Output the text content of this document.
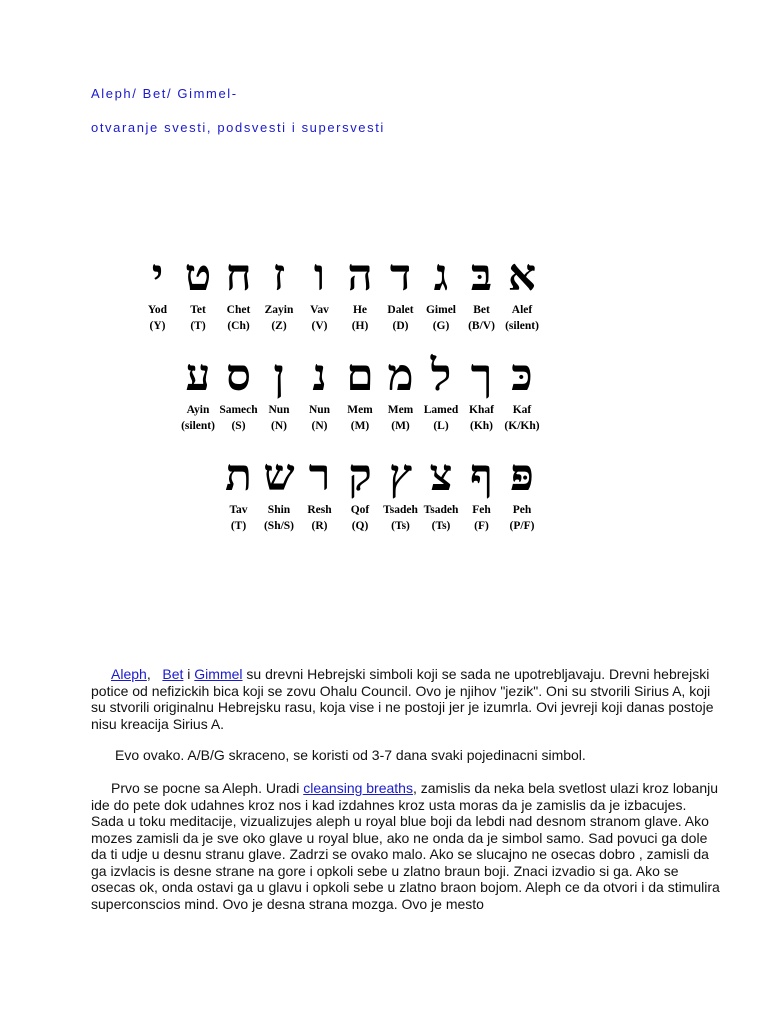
Aleph/ Bet/ Gimmel-
otvaranje svesti, podsvesti i supersvesti
א
Alef
(silent)
בּ
Bet
(B/V)
ג
Gimel
(G)
ד
Dalet
(D)
ה
He
(H)
ו
Vav
(V)
ז
Zayin
(Z)
ח
Chet
(Ch)
ט
Tet
(T)
י
Yod
(Y)
כּ
Kaf
(K/Kh)
ך
Khaf
(Kh)
ל
Lamed
(L)
מ
Mem
(M)
ם
Mem
(M)
נ
Nun
(N)
ן
Nun
(N)
ס
Samech
(S)
ע
Ayin
(silent)
פּ
Peh
(P/F)
ף
Feh
(F)
צ
Tsadeh
(Ts)
ץ
Tsadeh
(Ts)
ק
Qof
(Q)
ר
Resh
(R)
ש
Shin
(Sh/S)
ת
Tav
(T)
Aleph,   Bet i Gimmel su drevni Hebrejski simboli koji se sada ne upotrebljavaju. Drevni hebrejski potice od nefizickih bica koji se zovu Ohalu Council. Ovo je njihov "jezik". Oni su stvorili Sirius A, koji su stvorili originalnu Hebrejsku rasu, koja vise i ne postoji jer je izumrla. Ovi jevreji koji danas postoje nisu kreacija Sirius A.
Evo ovako. A/B/G skraceno, se koristi od 3-7 dana svaki pojedinacni simbol.
Prvo se pocne sa Aleph. Uradi cleansing breaths, zamislis da neka bela svetlost ulazi kroz lobanju ide do pete dok udahnes kroz nos i kad izdahnes kroz usta moras da je zamislis da je izbacujes. Sada u toku meditacije, vizualizujes aleph u royal blue boji da lebdi nad desnom stranom glave. Ako mozes zamisli da je sve oko glave u royal blue, ako ne onda da je simbol samo. Sad povuci ga dole da ti udje u desnu stranu glave. Zadrzi se ovako malo. Ako se slucajno ne osecas dobro , zamisli da ga izvlacis is desne strane na gore i opkoli sebe u zlatno braun boji. Znaci izvadio si ga. Ako se osecas ok, onda ostavi ga u glavu i opkoli sebe u zlatno braon bojom. Aleph ce da otvori i da stimulira superconscios mind. Ovo je desna strana mozga. Ovo je mesto
